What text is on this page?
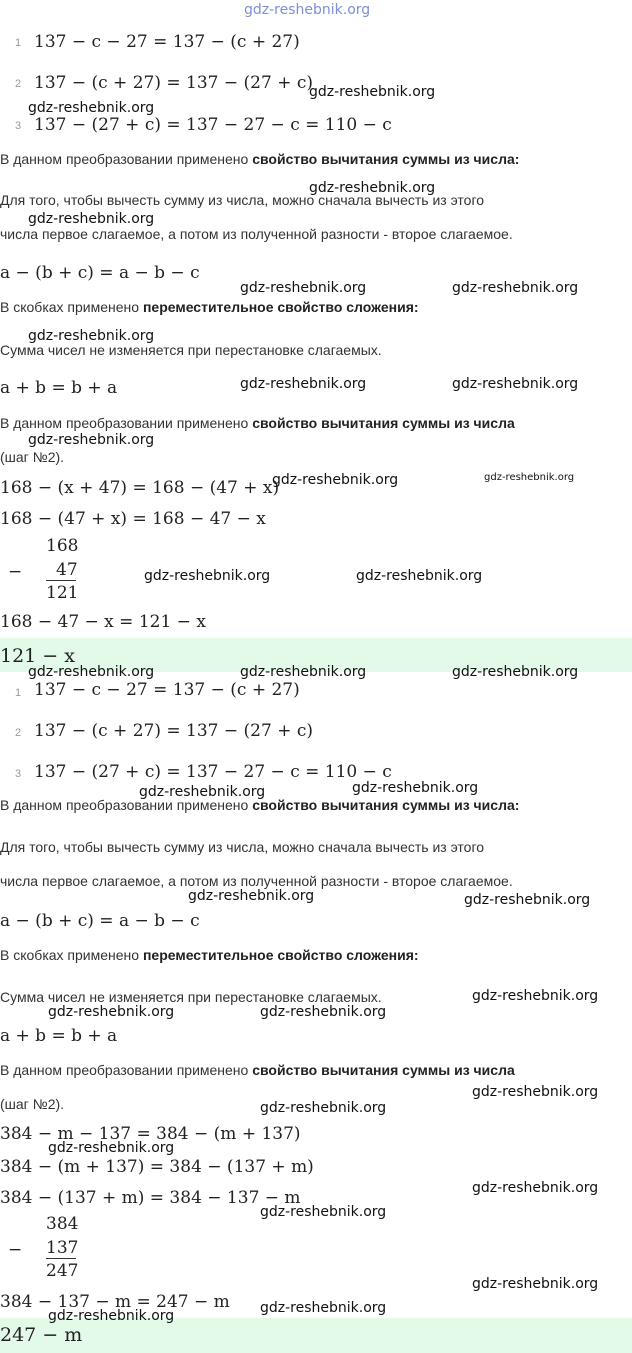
gdz-reshebnik.org
1 137 − c − 27 = 137 − (c + 27)
2 137 − (c + 27) = 137 − (27 + c)
gdz-reshebnik.org
gdz-reshebnik.org
3 137 − (27 + c) = 137 − 27 − c = 110 − c
В данном преобразовании применено свойство вычитания суммы из числа:
gdz-reshebnik.org
Для того, чтобы вычесть сумму из числа, можно сначала вычесть из этого
gdz-reshebnik.org
числа первое слагаемое, а потом из полученной разности - второе слагаемое.
a − (b + c) = a − b − c
gdz-reshebnik.org	gdz-reshebnik.org
В скобках применено переместительное свойство сложения:
gdz-reshebnik.org
Сумма чисел не изменяется при перестановке слагаемых.
a + b = b + a	gdz-reshebnik.org	gdz-reshebnik.org
В данном преобразовании применено свойство вычитания суммы из числа
gdz-reshebnik.org
(шаг №2).
168 − (x + 47) = 168 − (47 + x)
gdz-reshebnik.org	gdz-reshebnik.org
168 − (47 + x) = 168 − 47 − x
168
− 47
121
gdz-reshebnik.org	gdz-reshebnik.org
168 − 47 − x = 121 − x
121 − x
gdz-reshebnik.org	gdz-reshebnik.org	gdz-reshebnik.org
1 137 − c − 27 = 137 − (c + 27)
2 137 − (c + 27) = 137 − (27 + c)
3 137 − (27 + c) = 137 − 27 − c = 110 − c
gdz-reshebnik.org
gdz-reshebnik.org
В данном преобразовании применено свойство вычитания суммы из числа:
Для того, чтобы вычесть сумму из числа, можно сначала вычесть из этого
числа первое слагаемое, а потом из полученной разности - второе слагаемое.
gdz-reshebnik.org	gdz-reshebnik.org
a − (b + c) = a − b − c
В скобках применено переместительное свойство сложения:
Сумма чисел не изменяется при перестановке слагаемых.	gdz-reshebnik.org
gdz-reshebnik.org	gdz-reshebnik.org
a + b = b + a
В данном преобразовании применено свойство вычитания суммы из числа
gdz-reshebnik.org
(шаг №2).	gdz-reshebnik.org
384 − m − 137 = 384 − (m + 137)
gdz-reshebnik.org
384 − (m + 137) = 384 − (137 + m)
gdz-reshebnik.org
384 − (137 + m) = 384 − 137 − m
gdz-reshebnik.org
384
− 137
247
gdz-reshebnik.org
384 − 137 − m = 247 − m gdz-reshebnik.org
gdz-reshebnik.org
247 − m
